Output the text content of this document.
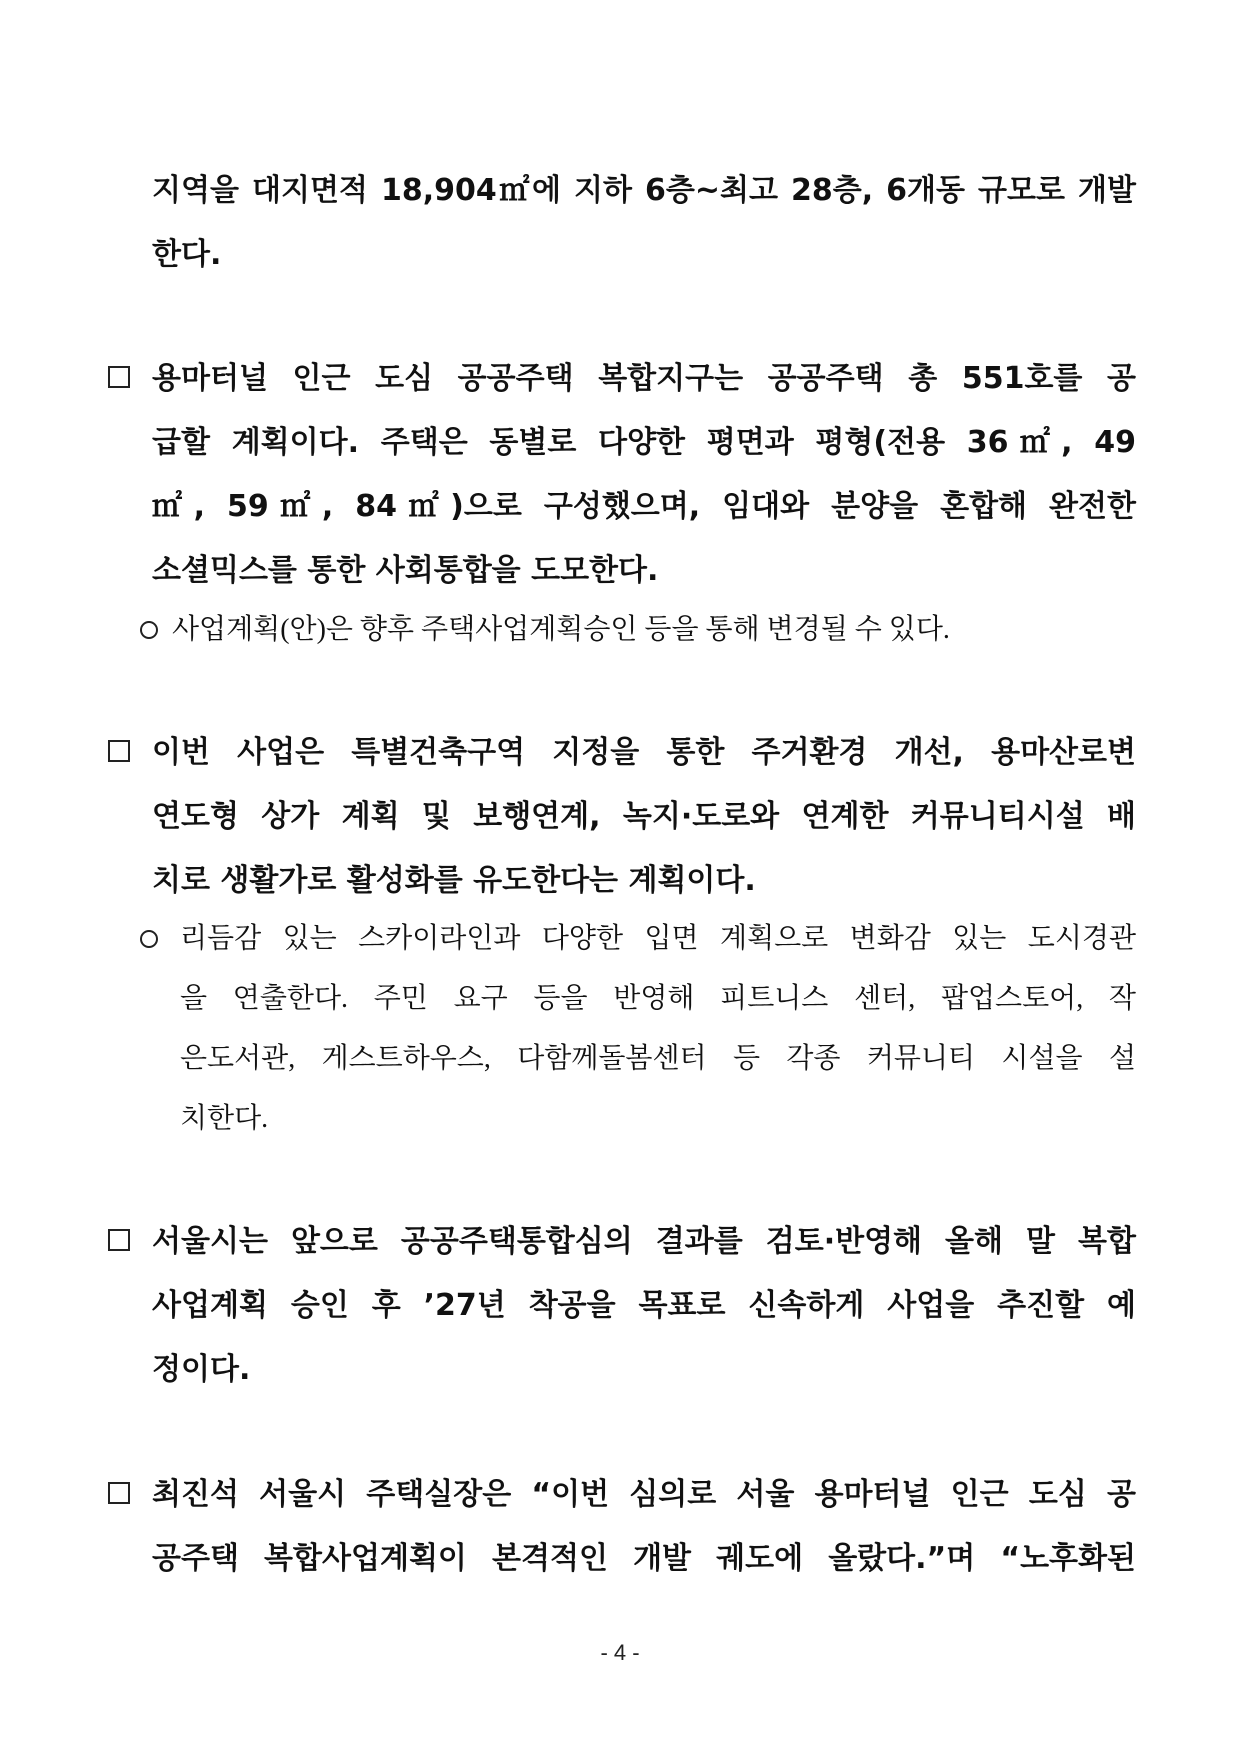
지역을 대지면적 18,904㎡에 지하 6층~최고 28층, 6개동 규모로 개발
한다.
용마터널 인근 도심 공공주택 복합지구는 공공주택 총 551호를 공
급할 계획이다. 주택은 동별로 다양한 평면과 평형(전용 36㎡, 49
㎡, 59㎡, 84㎡)으로 구성했으며, 임대와 분양을 혼합해 완전한
소셜믹스를 통한 사회통합을 도모한다.
사업계획(안)은 향후 주택사업계획승인 등을 통해 변경될 수 있다.
이번 사업은 특별건축구역 지정을 통한 주거환경 개선, 용마산로변
연도형 상가 계획 및 보행연계, 녹지·도로와 연계한 커뮤니티시설 배
치로 생활가로 활성화를 유도한다는 계획이다.
리듬감 있는 스카이라인과 다양한 입면 계획으로 변화감 있는 도시경관
을 연출한다. 주민 요구 등을 반영해 피트니스 센터, 팝업스토어, 작
은도서관, 게스트하우스, 다함께돌봄센터 등 각종 커뮤니티 시설을 설
치한다.
서울시는 앞으로 공공주택통합심의 결과를 검토·반영해 올해 말 복합
사업계획 승인 후 ’27년 착공을 목표로 신속하게 사업을 추진할 예
정이다.
최진석 서울시 주택실장은 “이번 심의로 서울 용마터널 인근 도심 공
공주택 복합사업계획이 본격적인 개발 궤도에 올랐다.”며 “노후화된
- 4 -
